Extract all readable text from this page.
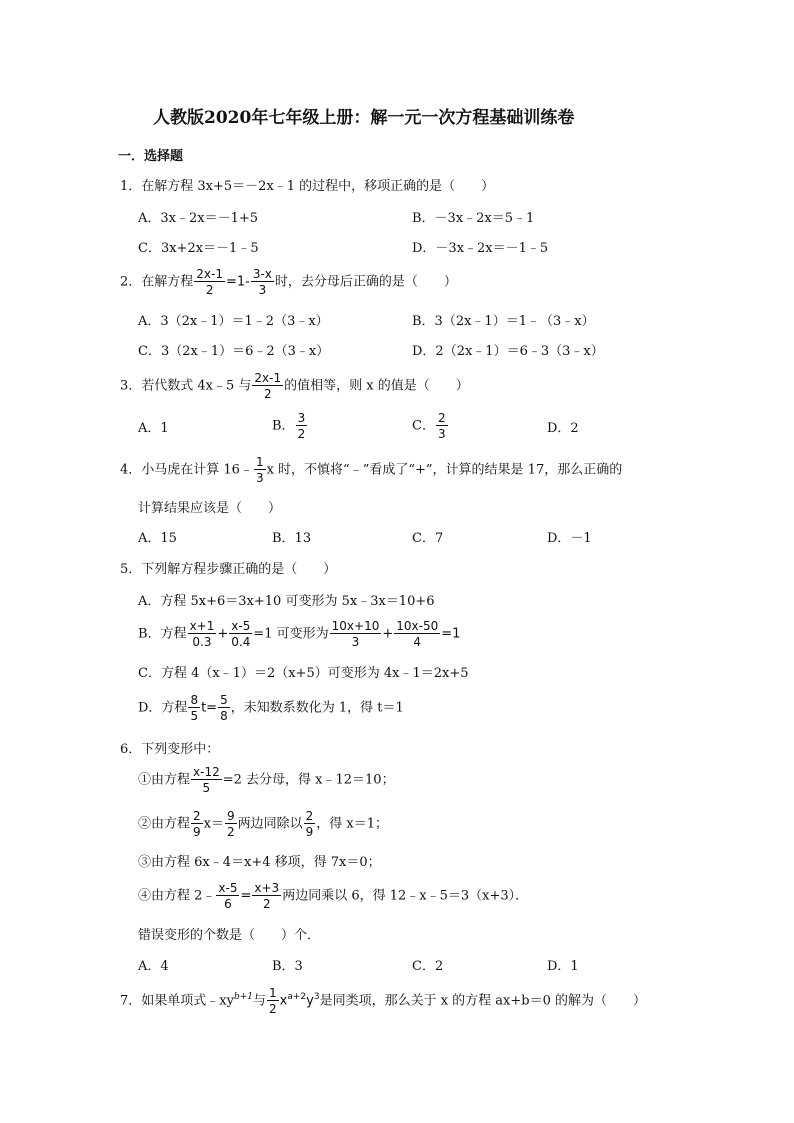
人教版2020年七年级上册：解一元一次方程基础训练卷
一．选择题
1．在解方程 3x+5＝－2x﹣1 的过程中，移项正确的是（　　）
A．3x﹣2x＝－1+5	B．－3x﹣2x＝5﹣1
C．3x+2x＝－1﹣5	D．－3x﹣2x＝－1﹣5
2．在解方程 $\frac{2x-1}{2} =1- \frac{3-x}{3}$ 时，去分母后正确的是（　　）
A．3（2x﹣1）＝1﹣2（3﹣x）	B．3（2x﹣1）＝1﹣（3﹣x）
C．3（2x﹣1）＝6﹣2（3﹣x）	D．2（2x﹣1）＝6﹣3（3﹣x）
3．若代数式 4x﹣5 与 $\frac{2x-1}{2}$ 的值相等，则 x 的值是（　　）
A．1	B． $\frac{3}{2}$	C． $\frac{2}{3}$	D．2
4．小马虎在计算 16﹣ $\frac{1}{3}$ x 时，不慎将“﹣”看成了“+”，计算的结果是 17，那么正确的
计算结果应该是（　　）
A．15	B．13	C．7	D．－1
5．下列解方程步骤正确的是（　　）
A．方程 5x+6＝3x+10 可变形为 5x﹣3x＝10+6
B．方程 $\frac{x+1}{0.3} + \frac{x-5}{0.4} =1$ 可变形为 $\frac{10x+10}{3} + \frac{10x-50}{4} =1$
C．方程 4（x﹣1）＝2（x+5）可变形为 4x﹣1＝2x+5
D．方程 $\frac{8}{5} t= \frac{5}{8}$ ，未知数系数化为 1，得 t＝1
6．下列变形中：
①由方程 $\frac{x-12}{5} =2$ 去分母，得 x﹣12＝10；
②由方程 $\frac{2}{9} x= \frac{9}{2}$ 两边同除以 $\frac{2}{9}$ ，得 x＝1；
③由方程 6x﹣4＝x+4 移项，得 7x＝0；
④由方程 2﹣ $\frac{x-5}{6} = \frac{x+3}{2}$ 两边同乘以 6，得 12﹣x﹣5＝3（x+3）．
错误变形的个数是（　　）个．
A．4	B．3	C．2	D．1
7．如果单项式$﹣xy^{b+1}$与 $\frac{1}{2} x^{a+2}y^3$是同类项，那么关于 x 的方程 ax+b＝0 的解为（　　）
